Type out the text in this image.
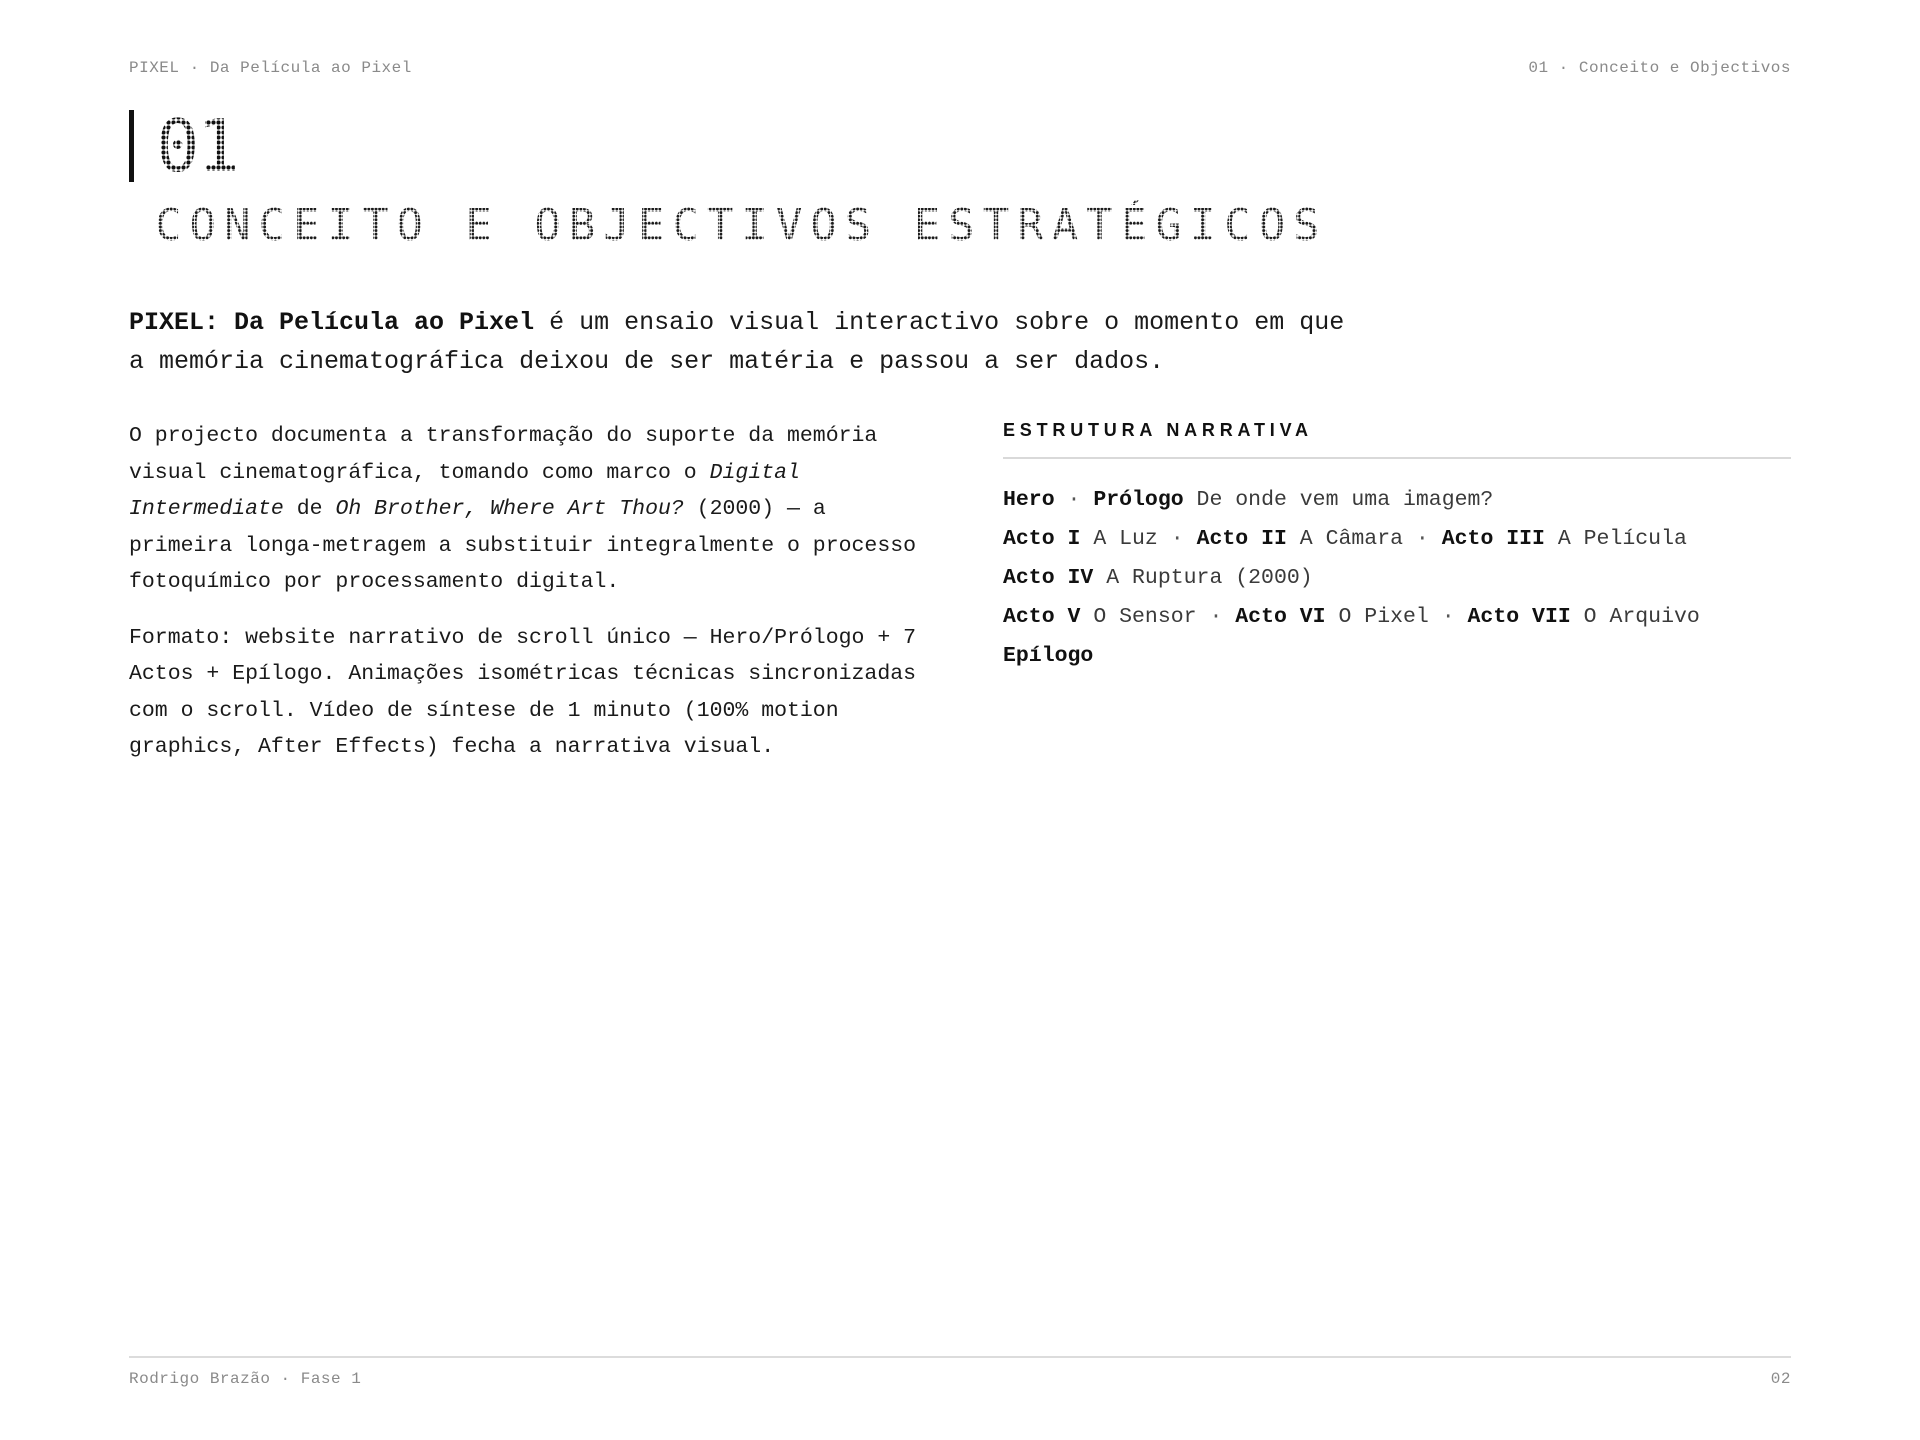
PIXEL · Da Película ao Pixel	01 · Conceito e Objectivos
01
CONCEITO E OBJECTIVOS ESTRATÉGICOS
PIXEL: Da Película ao Pixel é um ensaio visual interactivo sobre o momento em que a memória cinematográfica deixou de ser matéria e passou a ser dados.

O projecto documenta a transformação do suporte da memória visual cinematográfica, tomando como marco o Digital Intermediate de Oh Brother, Where Art Thou? (2000) — a primeira longa-metragem a substituir integralmente o processo fotoquímico por processamento digital.

Formato: website narrativo de scroll único — Hero/Prólogo + 7 Actos + Epílogo. Animações isométricas técnicas sincronizadas com o scroll. Vídeo de síntese de 1 minuto (100% motion graphics, After Effects) fecha a narrativa visual.

ESTRUTURA NARRATIVA
Hero · Prólogo De onde vem uma imagem?
Acto I A Luz · Acto II A Câmara · Acto III A Película
Acto IV A Ruptura (2000)
Acto V O Sensor · Acto VI O Pixel · Acto VII O Arquivo
Epílogo
Rodrigo Brazão · Fase 1	02
